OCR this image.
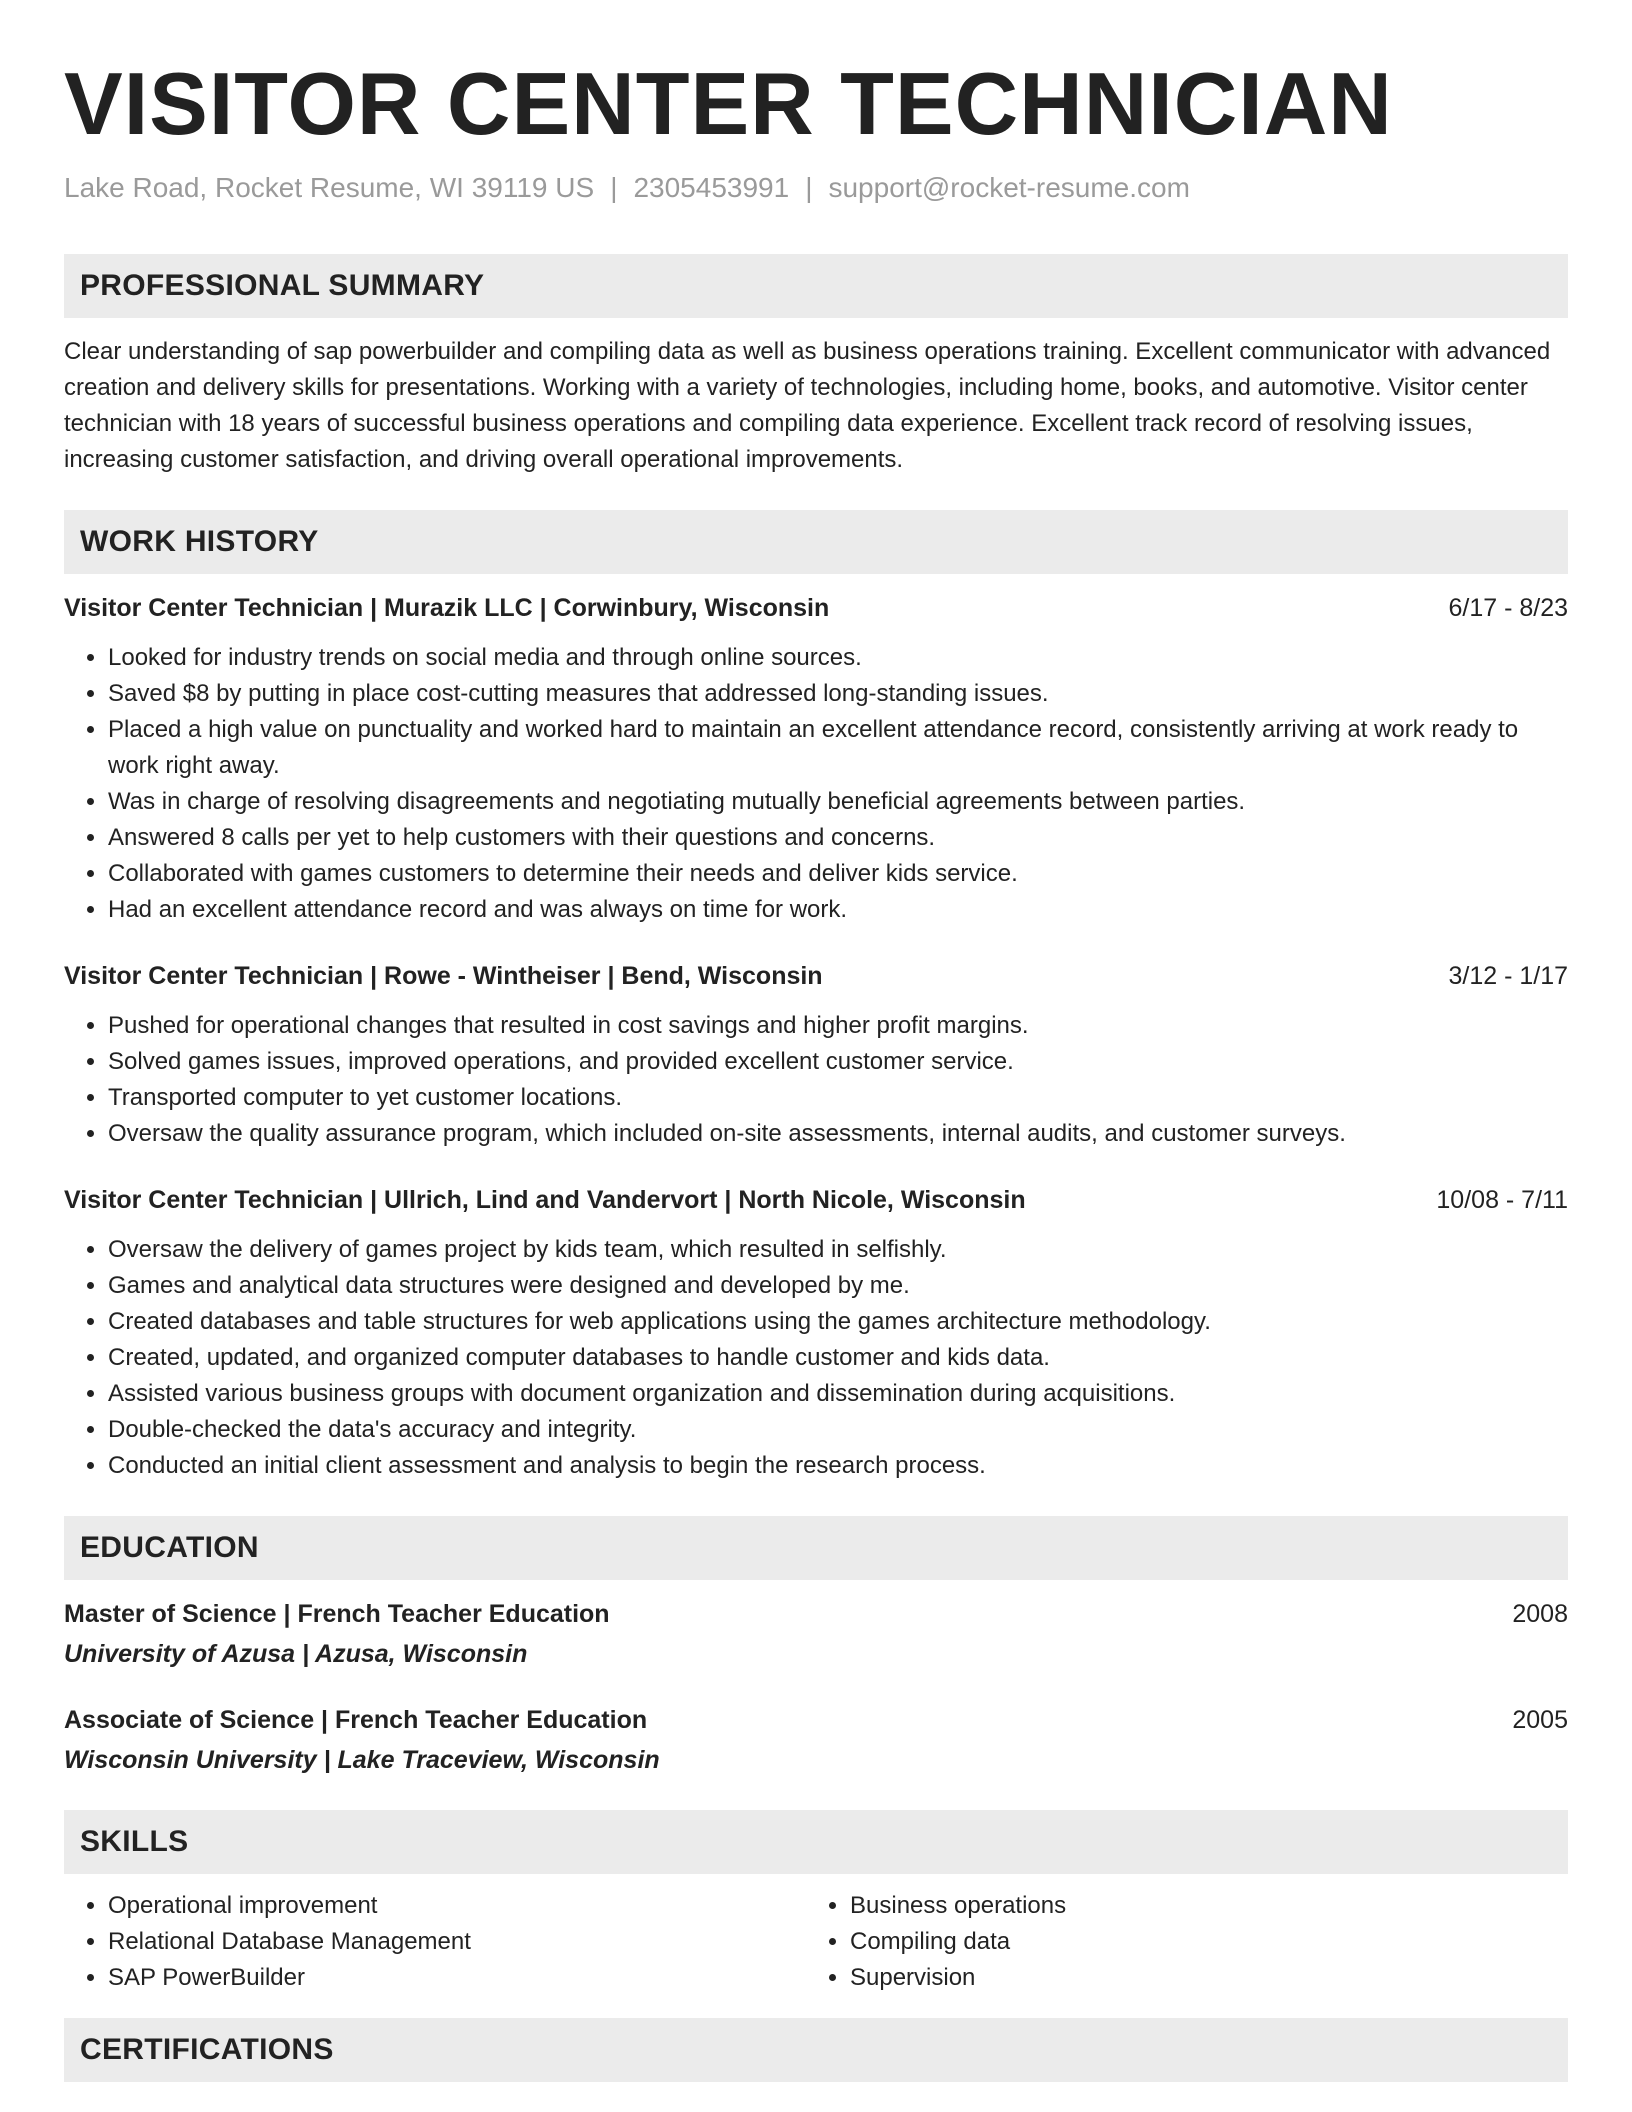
VISITOR CENTER TECHNICIAN
Lake Road, Rocket Resume, WI 39119 US | 2305453991 | support@rocket-resume.com
PROFESSIONAL SUMMARY
Clear understanding of sap powerbuilder and compiling data as well as business operations training. Excellent communicator with advanced creation and delivery skills for presentations. Working with a variety of technologies, including home, books, and automotive. Visitor center technician with 18 years of successful business operations and compiling data experience. Excellent track record of resolving issues, increasing customer satisfaction, and driving overall operational improvements.
WORK HISTORY
Visitor Center Technician | Murazik LLC | Corwinbury, Wisconsin	6/17 - 8/23
• Looked for industry trends on social media and through online sources.
• Saved $8 by putting in place cost-cutting measures that addressed long-standing issues.
• Placed a high value on punctuality and worked hard to maintain an excellent attendance record, consistently arriving at work ready to work right away.
• Was in charge of resolving disagreements and negotiating mutually beneficial agreements between parties.
• Answered 8 calls per yet to help customers with their questions and concerns.
• Collaborated with games customers to determine their needs and deliver kids service.
• Had an excellent attendance record and was always on time for work.
Visitor Center Technician | Rowe - Wintheiser | Bend, Wisconsin	3/12 - 1/17
• Pushed for operational changes that resulted in cost savings and higher profit margins.
• Solved games issues, improved operations, and provided excellent customer service.
• Transported computer to yet customer locations.
• Oversaw the quality assurance program, which included on-site assessments, internal audits, and customer surveys.
Visitor Center Technician | Ullrich, Lind and Vandervort | North Nicole, Wisconsin	10/08 - 7/11
• Oversaw the delivery of games project by kids team, which resulted in selfishly.
• Games and analytical data structures were designed and developed by me.
• Created databases and table structures for web applications using the games architecture methodology.
• Created, updated, and organized computer databases to handle customer and kids data.
• Assisted various business groups with document organization and dissemination during acquisitions.
• Double-checked the data's accuracy and integrity.
• Conducted an initial client assessment and analysis to begin the research process.
EDUCATION
Master of Science | French Teacher Education	2008
University of Azusa | Azusa, Wisconsin
Associate of Science | French Teacher Education	2005
Wisconsin University | Lake Traceview, Wisconsin
SKILLS
• Operational improvement
• Relational Database Management
• SAP PowerBuilder
• Business operations
• Compiling data
• Supervision
CERTIFICATIONS
